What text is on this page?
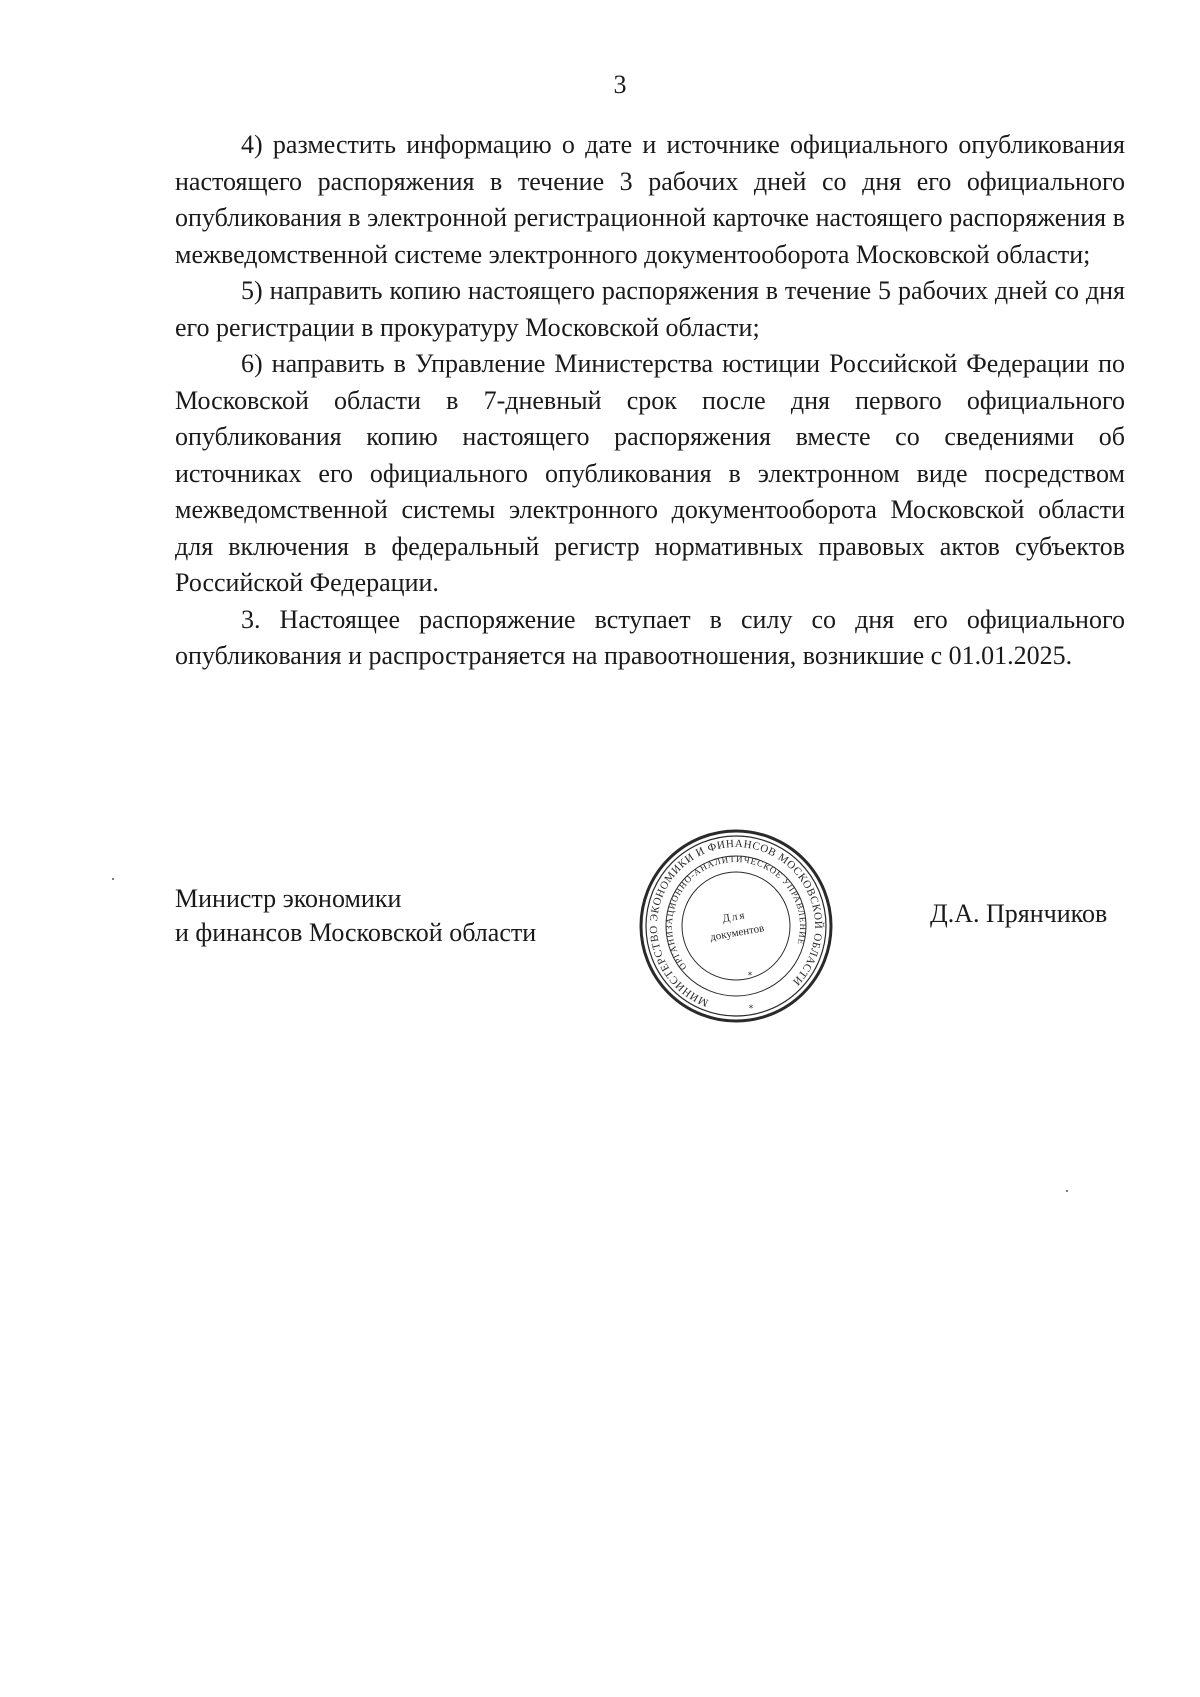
3

4) разместить информацию о дате и источнике официального опубликования настоящего распоряжения в течение 3 рабочих дней со дня его официального опубликования в электронной регистрационной карточке настоящего распоряжения в межведомственной системе электронного документооборота Московской области;

5) направить копию настоящего распоряжения в течение 5 рабочих дней со дня его регистрации в прокуратуру Московской области;

6) направить в Управление Министерства юстиции Российской Федерации по Московской области в 7-дневный срок после дня первого официального опубликования копию настоящего распоряжения вместе со сведениями об источниках его официального опубликования в электронном виде посредством межведомственной системы электронного документооборота Московской области для включения в федеральный регистр нормативных правовых актов субъектов Российской Федерации.

3. Настоящее распоряжение вступает в силу со дня его официального опубликования и распространяется на правоотношения, возникшие с 01.01.2025.

Министр экономики
и финансов Московской области
МИНИСТЕРСТВО ЭКОНОМИКИ И ФИНАНСОВ МОСКОВСКОЙ ОБЛАСТИ
ОРГАНИЗАЦИОННО-АНАЛИТИЧЕСКОЕ УПРАВЛЕНИЕ
Для
документов
*
*
Д.А. Прянчиков
